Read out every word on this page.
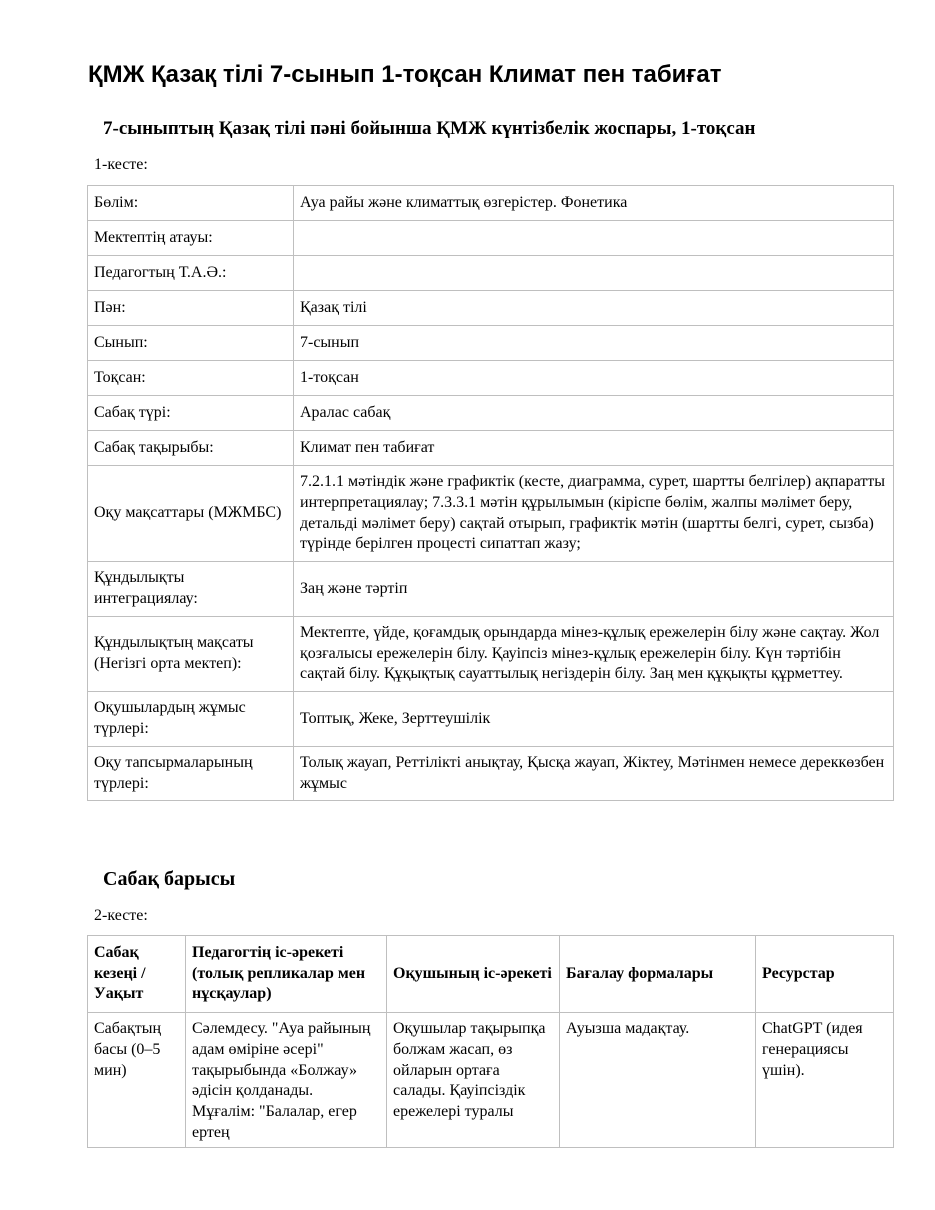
ҚМЖ Қазақ тілі 7-сынып 1-тоқсан Климат пен табиғат
7-сыныптың Қазақ тілі пәні бойынша ҚМЖ күнтізбелік жоспары, 1-тоқсан

1-кесте:

Бөлім:	Ауа райы және климаттық өзгерістер. Фонетика
Мектептің атауы:	
Педагогтың Т.А.Ә.:	
Пән:	Қазақ тілі
Сынып:	7-сынып
Тоқсан:	1-тоқсан
Сабақ түрі:	Аралас сабақ
Сабақ тақырыбы:	Климат пен табиғат
Оқу мақсаттары (МЖМБС)	7.2.1.1 мәтіндік және графиктік (кесте, диаграмма, сурет, шартты белгілер) ақпаратты интерпретациялау; 7.3.3.1 мәтін құрылымын (кіріспе бөлім, жалпы мәлімет беру, детальді мәлімет беру) сақтай отырып, графиктік мәтін (шартты белгі, сурет, сызба) түрінде берілген процесті сипаттап жазу;
Құндылықты интеграциялау:	Заң және тәртіп
Құндылықтың мақсаты (Негізгі орта мектеп):	Мектепте, үйде, қоғамдық орындарда мінез-құлық ережелерін білу және сақтау. Жол қозғалысы ережелерін білу. Қауіпсіз мінез-құлық ережелерін білу. Күн тәртібін сақтай білу. Құқықтық сауаттылық негіздерін білу. Заң мен құқықты құрметтеу.
Оқушылардың жұмыс түрлері:	Топтық, Жеке, Зерттеушілік
Оқу тапсырмаларының түрлері:	Толық жауап, Реттілікті анықтау, Қысқа жауап, Жіктеу, Мәтінмен немесе дереккөзбен жұмыс
Сабақ барысы

2-кесте:

Сабақ кезеңі / Уақыт	Педагогтің іс-әрекеті (толық репликалар мен нұсқаулар)	Оқушының іс-әрекеті	Бағалау формалары	Ресурстар

Сабақтың басы (0–5 мин)	Сәлемдесу. "Ауа райының адам өміріне әсері" тақырыбында «Болжау» әдісін қолданады. Мұғалім: "Балалар, егер ертең	Оқушылар тақырыпқа болжам жасап, өз ойларын ортаға салады. Қауіпсіздік ережелері туралы	Ауызша мадақтау.	ChatGPT (идея генерациясы үшін).
